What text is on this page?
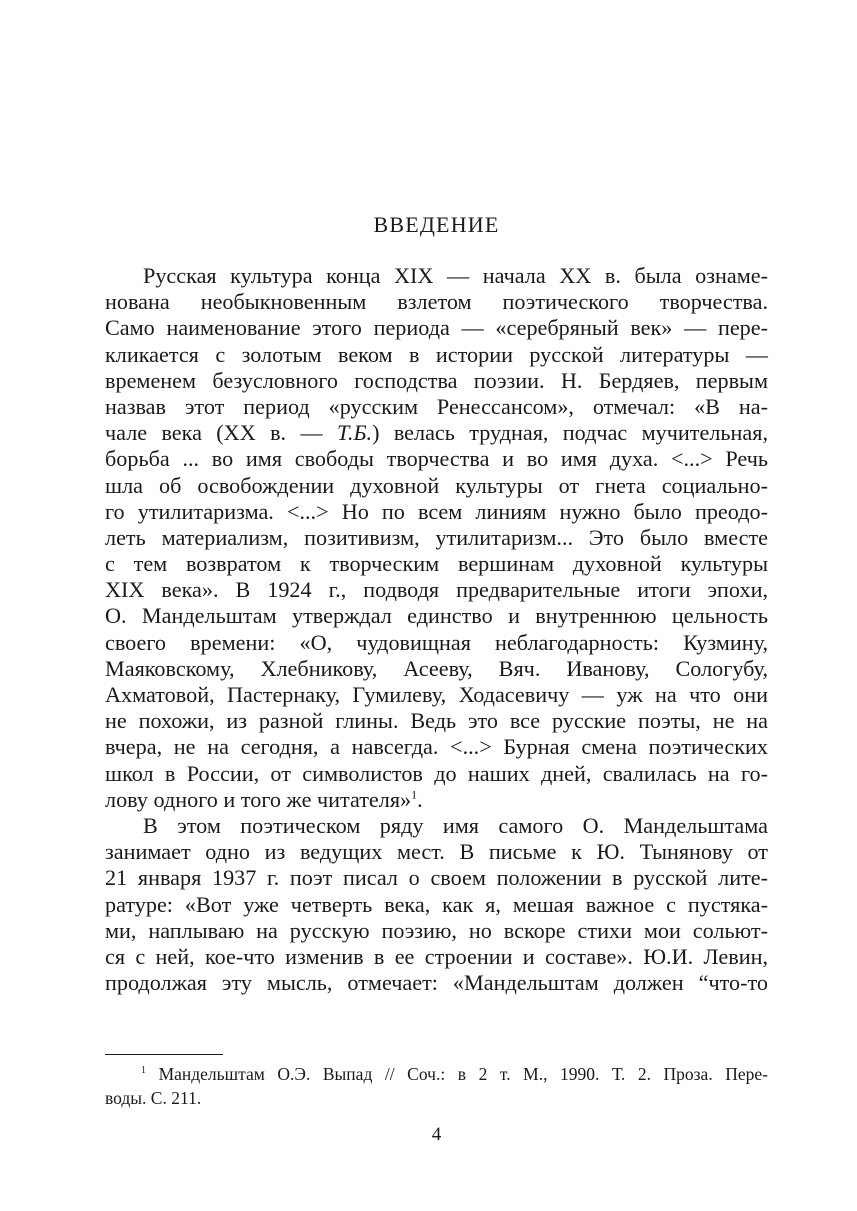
ВВЕДЕНИЕ
Русская культура конца XIX — начала XX в. была ознаме-
нована необыкновенным взлетом поэтического творчества.
Само наименование этого периода — «серебряный век» — пере-
кликается с золотым веком в истории русской литературы —
временем безусловного господства поэзии. Н. Бердяев, первым
назвав этот период «русским Ренессансом», отмечал: «В на-
чале века (XX в. — Т.Б.) велась трудная, подчас мучительная,
борьба ... во имя свободы творчества и во имя духа. <...> Речь
шла об освобождении духовной культуры от гнета социально-
го утилитаризма. <...> Но по всем линиям нужно было преодо-
леть материализм, позитивизм, утилитаризм... Это было вместе
с тем возвратом к творческим вершинам духовной культуры
XIX века». В 1924 г., подводя предварительные итоги эпохи,
О. Мандельштам утверждал единство и внутреннюю цельность
своего времени: «О, чудовищная неблагодарность: Кузмину,
Маяковскому, Хлебникову, Асееву, Вяч. Иванову, Сологубу,
Ахматовой, Пастернаку, Гумилеву, Ходасевичу — уж на что они
не похожи, из разной глины. Ведь это все русские поэты, не на
вчера, не на сегодня, а навсегда. <...> Бурная смена поэтических
школ в России, от символистов до наших дней, свалилась на го-
лову одного и того же читателя»$^1$.
В этом поэтическом ряду имя самого О. Мандельштама
занимает одно из ведущих мест. В письме к Ю. Тынянову от
21 января 1937 г. поэт писал о своем положении в русской лите-
ратуре: «Вот уже четверть века, как я, мешая важное с пустяка-
ми, наплываю на русскую поэзию, но вскоре стихи мои сольют-
ся с ней, кое-что изменив в ее строении и составе». Ю.И. Левин,
продолжая эту мысль, отмечает: «Мандельштам должен “что-то
$^1$ Мандельштам О.Э. Выпад // Соч.: в 2 т. М., 1990. Т. 2. Проза. Пере-
воды. С. 211.
4
